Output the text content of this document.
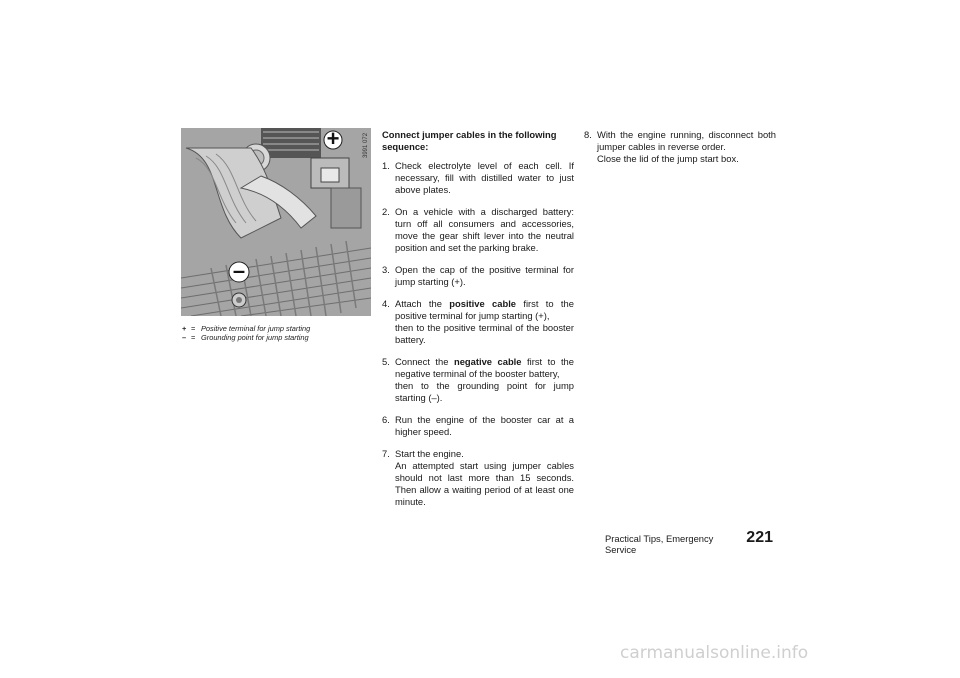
+
–
3991 072
+ = Positive terminal for jump starting
– = Grounding point for jump starting

Connect jumper cables in the following sequence:

1. Check electrolyte level of each cell. If necessary, fill with distilled water to just above plates.

2. On a vehicle with a discharged battery: turn off all consumers and accessories, move the gear shift lever into the neutral position and set the parking brake.

3. Open the cap of the positive terminal for jump starting (+).

4. Attach the positive cable first to the positive terminal for jump starting (+),

then to the positive terminal of the booster battery.

5. Connect the negative cable first to the negative terminal of the booster battery,

then to the grounding point for jump starting (–).

6. Run the engine of the booster car at a higher speed.

7. Start the engine.

An attempted start using jumper cables should not last more than 15 seconds. Then allow a waiting period of at least one minute.

8. With the engine running, disconnect both jumper cables in reverse order.

Close the lid of the jump start box.

Practical Tips, Emergency Service
221
carmanualsonline.info
